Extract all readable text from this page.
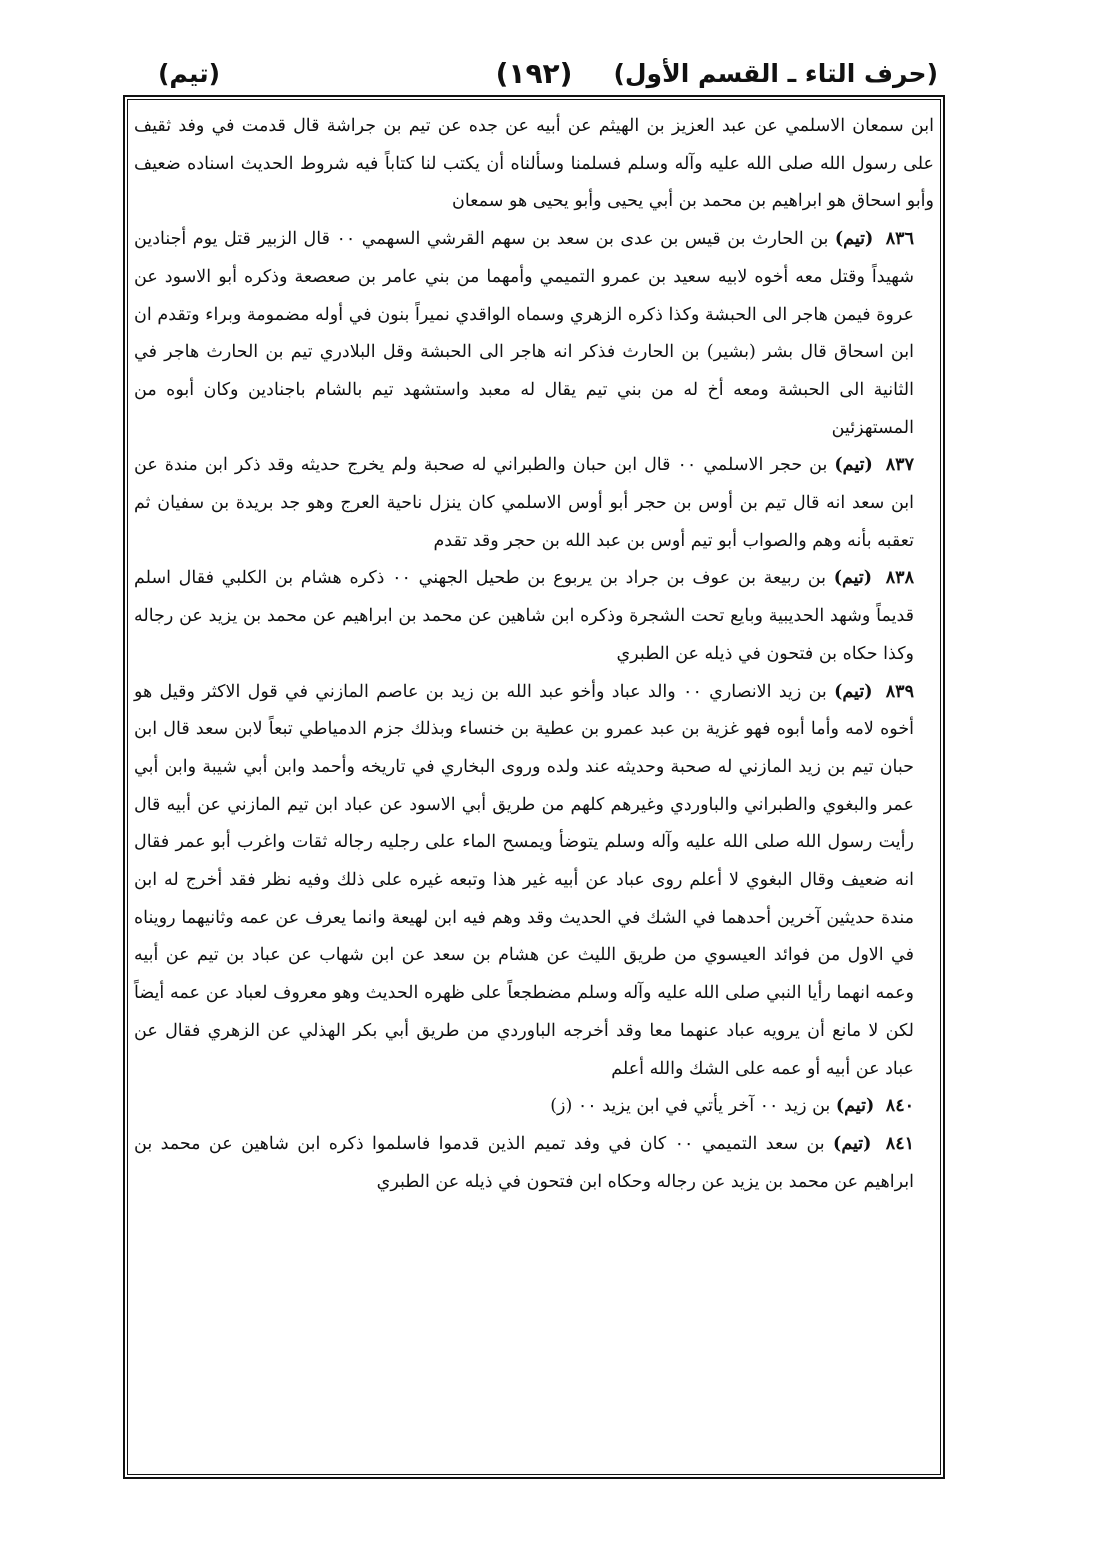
(حرف التاء ـ القسم الأول)
(١٩٢)
(تيم)

ابن سمعان الاسلمي عن عبد العزيز بن الهيثم عن أبيه عن جده عن تيم بن جراشة قال قدمت في وفد ثقيف على رسول الله صلى الله عليه وآله وسلم فسلمنا وسألناه أن يكتب لنا كتاباً فيه شروط الحديث اسناده ضعيف وأبو اسحاق هو ابراهيم بن محمد بن أبي يحيى وأبو يحيى هو سمعان

٨٣٦ (تيم) بن الحارث بن قيس بن عدى بن سعد بن سهم القرشي السهمي ٠٠ قال الزبير قتل يوم أجنادين شهيداً وقتل معه أخوه لابيه سعيد بن عمرو التميمي وأمهما من بني عامر بن صعصعة وذكره أبو الاسود عن عروة فيمن هاجر الى الحبشة وكذا ذكره الزهري وسماه الواقدي نميراً بنون في أوله مضمومة وبراء وتقدم ان ابن اسحاق قال بشر (بشير) بن الحارث فذكر انه هاجر الى الحبشة وقل البلادري تيم بن الحارث هاجر في الثانية الى الحبشة ومعه أخ له من بني تيم يقال له معبد واستشهد تيم بالشام باجنادين وكان أبوه من المستهزئين

٨٣٧ (تيم) بن حجر الاسلمي ٠٠ قال ابن حبان والطبراني له صحبة ولم يخرج حديثه وقد ذكر ابن مندة عن ابن سعد انه قال تيم بن أوس بن حجر أبو أوس الاسلمي كان ينزل ناحية العرج وهو جد بريدة بن سفيان ثم تعقبه بأنه وهم والصواب أبو تيم أوس بن عبد الله بن حجر وقد تقدم

٨٣٨ (تيم) بن ربيعة بن عوف بن جراد بن يربوع بن طحيل الجهني ٠٠ ذكره هشام بن الكلبي فقال اسلم قديماً وشهد الحديبية وبايع تحت الشجرة وذكره ابن شاهين عن محمد بن ابراهيم عن محمد بن يزيد عن رجاله وكذا حكاه بن فتحون في ذيله عن الطبري

٨٣٩ (تيم) بن زيد الانصاري ٠٠ والد عباد وأخو عبد الله بن زيد بن عاصم المازني في قول الاكثر وقيل هو أخوه لامه وأما أبوه فهو غزية بن عبد عمرو بن عطية بن خنساء وبذلك جزم الدمياطي تبعاً لابن سعد قال ابن حبان تيم بن زيد المازني له صحبة وحديثه عند ولده وروى البخاري في تاريخه وأحمد وابن أبي شيبة وابن أبي عمر والبغوي والطبراني والباوردي وغيرهم كلهم من طريق أبي الاسود عن عباد ابن تيم المازني عن أبيه قال رأيت رسول الله صلى الله عليه وآله وسلم يتوضأ ويمسح الماء على رجليه رجاله ثقات واغرب أبو عمر فقال انه ضعيف وقال البغوي لا أعلم روى عباد عن أبيه غير هذا وتبعه غيره على ذلك وفيه نظر فقد أخرج له ابن مندة حديثين آخرين أحدهما في الشك في الحديث وقد وهم فيه ابن لهيعة وانما يعرف عن عمه وثانيهما رويناه في الاول من فوائد العيسوي من طريق الليث عن هشام بن سعد عن ابن شهاب عن عباد بن تيم عن أبيه وعمه انهما رأيا النبي صلى الله عليه وآله وسلم مضطجعاً على ظهره الحديث وهو معروف لعباد عن عمه أيضاً لكن لا مانع أن يرويه عباد عنهما معا وقد أخرجه الباوردي من طريق أبي بكر الهذلي عن الزهري فقال عن عباد عن أبيه أو عمه على الشك والله أعلم

٨٤٠ (تيم) بن زيد ٠٠ آخر يأتي في ابن يزيد ٠٠ (ز)

٨٤١ (تيم) بن سعد التميمي ٠٠ كان في وفد تميم الذين قدموا فاسلموا ذكره ابن شاهين عن محمد بن ابراهيم عن محمد بن يزيد عن رجاله وحكاه ابن فتحون في ذيله عن الطبري
